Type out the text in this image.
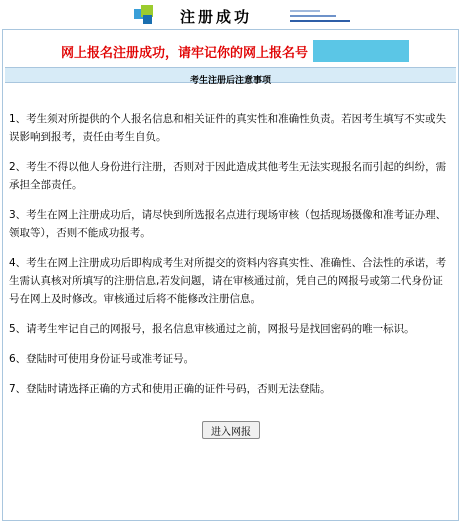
注册成功
网上报名注册成功，请牢记你的网上报名号
考生注册后注意事项

1、考生须对所提供的个人报名信息和相关证件的真实性和准确性负责。若因考生填写不实或失误影响到报考，责任由考生自负。

2、考生不得以他人身份进行注册，否则对于因此造成其他考生无法实现报名而引起的纠纷，需承担全部责任。

3、考生在网上注册成功后，请尽快到所选报名点进行现场审核（包括现场摄像和准考证办理、领取等），否则不能成功报考。

4、考生在网上注册成功后即构成考生对所提交的资料内容真实性、准确性、合法性的承诺，考生需认真核对所填写的注册信息,若发问题，请在审核通过前，凭自己的网报号或第二代身份证号在网上及时修改。审核通过后将不能修改注册信息。

5、请考生牢记自己的网报号，报名信息审核通过之前，网报号是找回密码的唯一标识。

6、登陆时可使用身份证号或准考证号。

7、登陆时请选择正确的方式和使用正确的证件号码，否则无法登陆。

进入网报
